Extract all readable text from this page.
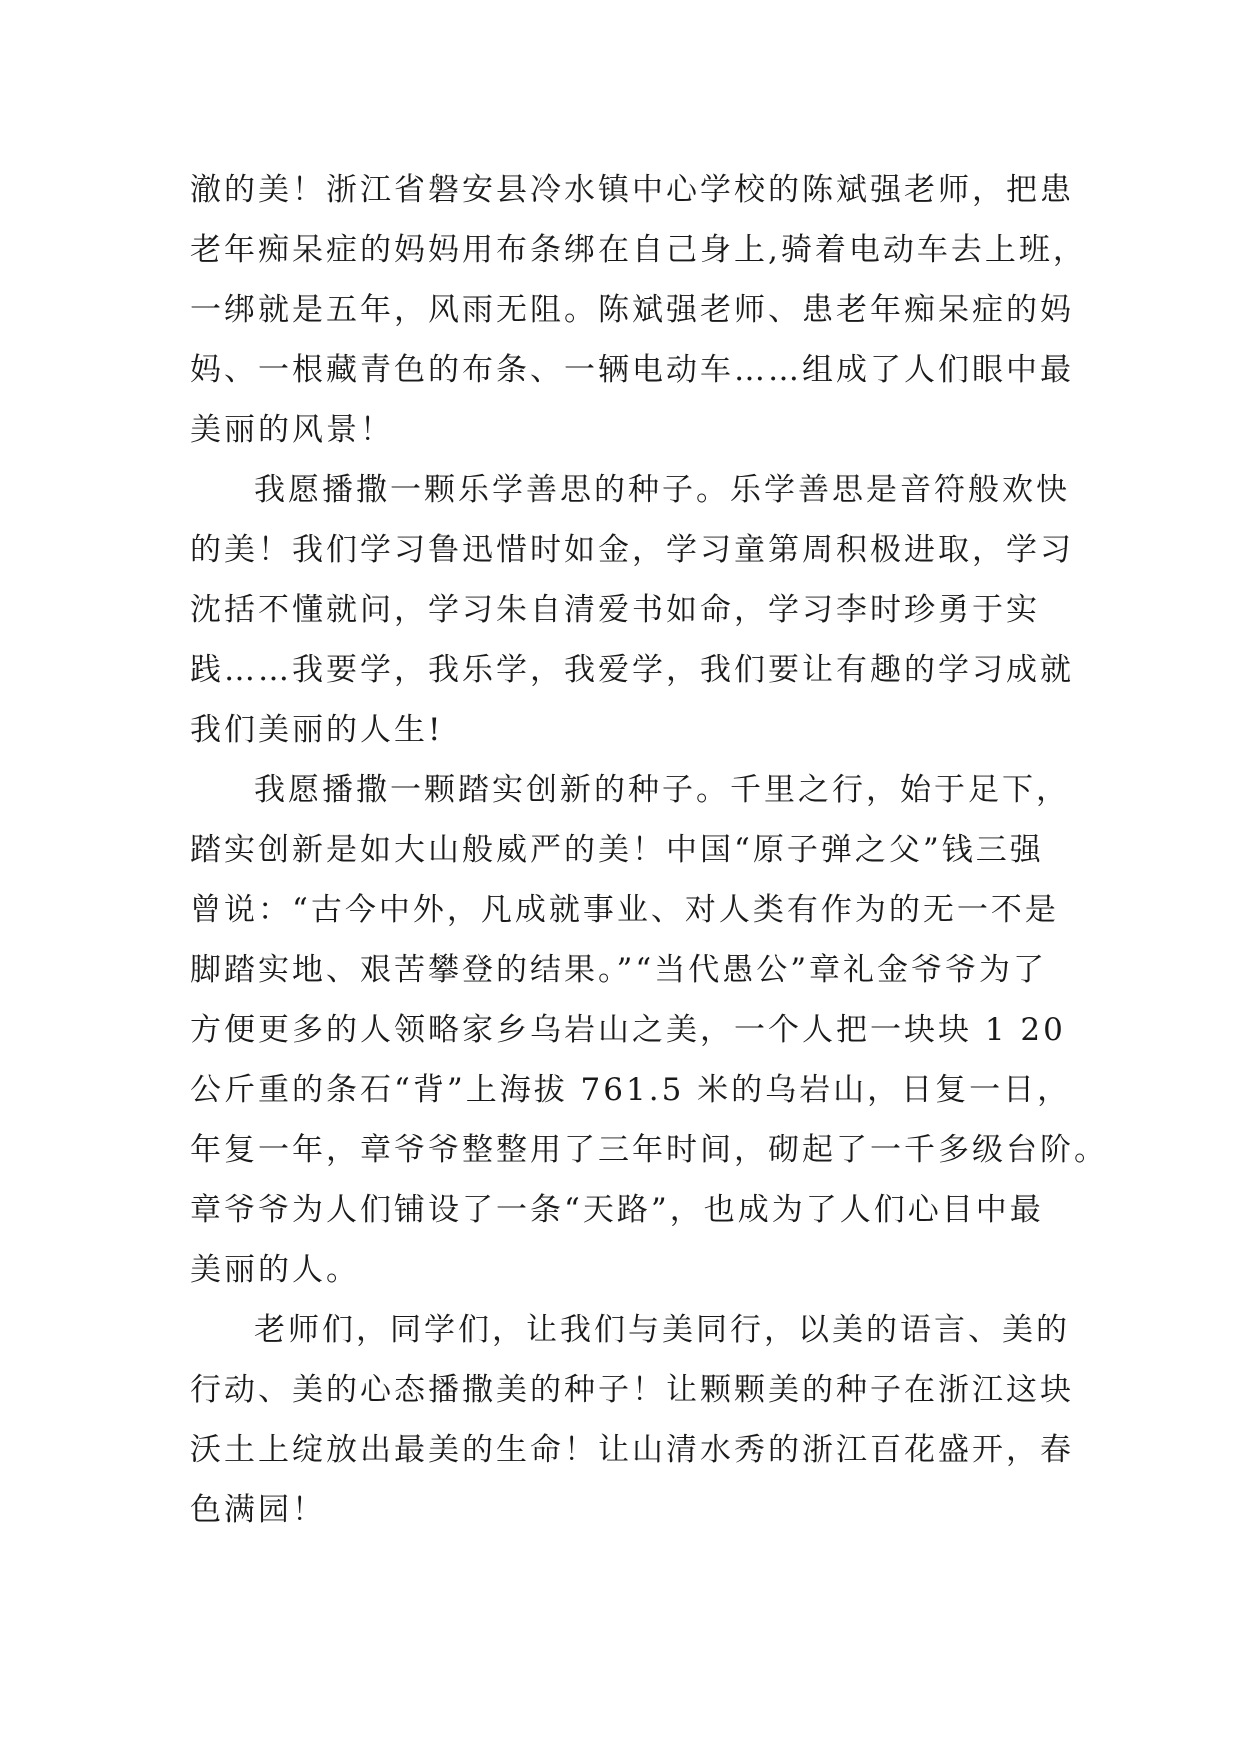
澈的美！浙江省磐安县冷水镇中心学校的陈斌强老师，把患
老年痴呆症的妈妈用布条绑在自己身上,骑着电动车去上班，
一绑就是五年，风雨无阻。陈斌强老师、患老年痴呆症的妈
妈、一根藏青色的布条、一辆电动车……组成了人们眼中最
美丽的风景！
我愿播撒一颗乐学善思的种子。乐学善思是音符般欢快
的美！我们学习鲁迅惜时如金，学习童第周积极进取，学习
沈括不懂就问，学习朱自清爱书如命，学习李时珍勇于实
践……我要学，我乐学，我爱学，我们要让有趣的学习成就
我们美丽的人生!
我愿播撒一颗踏实创新的种子。千里之行，始于足下，
踏实创新是如大山般威严的美！中国“原子弹之父”钱三强
曾说：“古今中外，凡成就事业、对人类有作为的无一不是
脚踏实地、艰苦攀登的结果。”“当代愚公”章礼金爷爷为了
方便更多的人领略家乡乌岩山之美，一个人把一块块 1 20
公斤重的条石“背”上海拔 761.5 米的乌岩山，日复一日，
年复一年，章爷爷整整用了三年时间，砌起了一千多级台阶。
章爷爷为人们铺设了一条“天路”，也成为了人们心目中最
美丽的人。
老师们，同学们，让我们与美同行，以美的语言、美的
行动、美的心态播撒美的种子！让颗颗美的种子在浙江这块
沃土上绽放出最美的生命！让山清水秀的浙江百花盛开，春
色满园！
